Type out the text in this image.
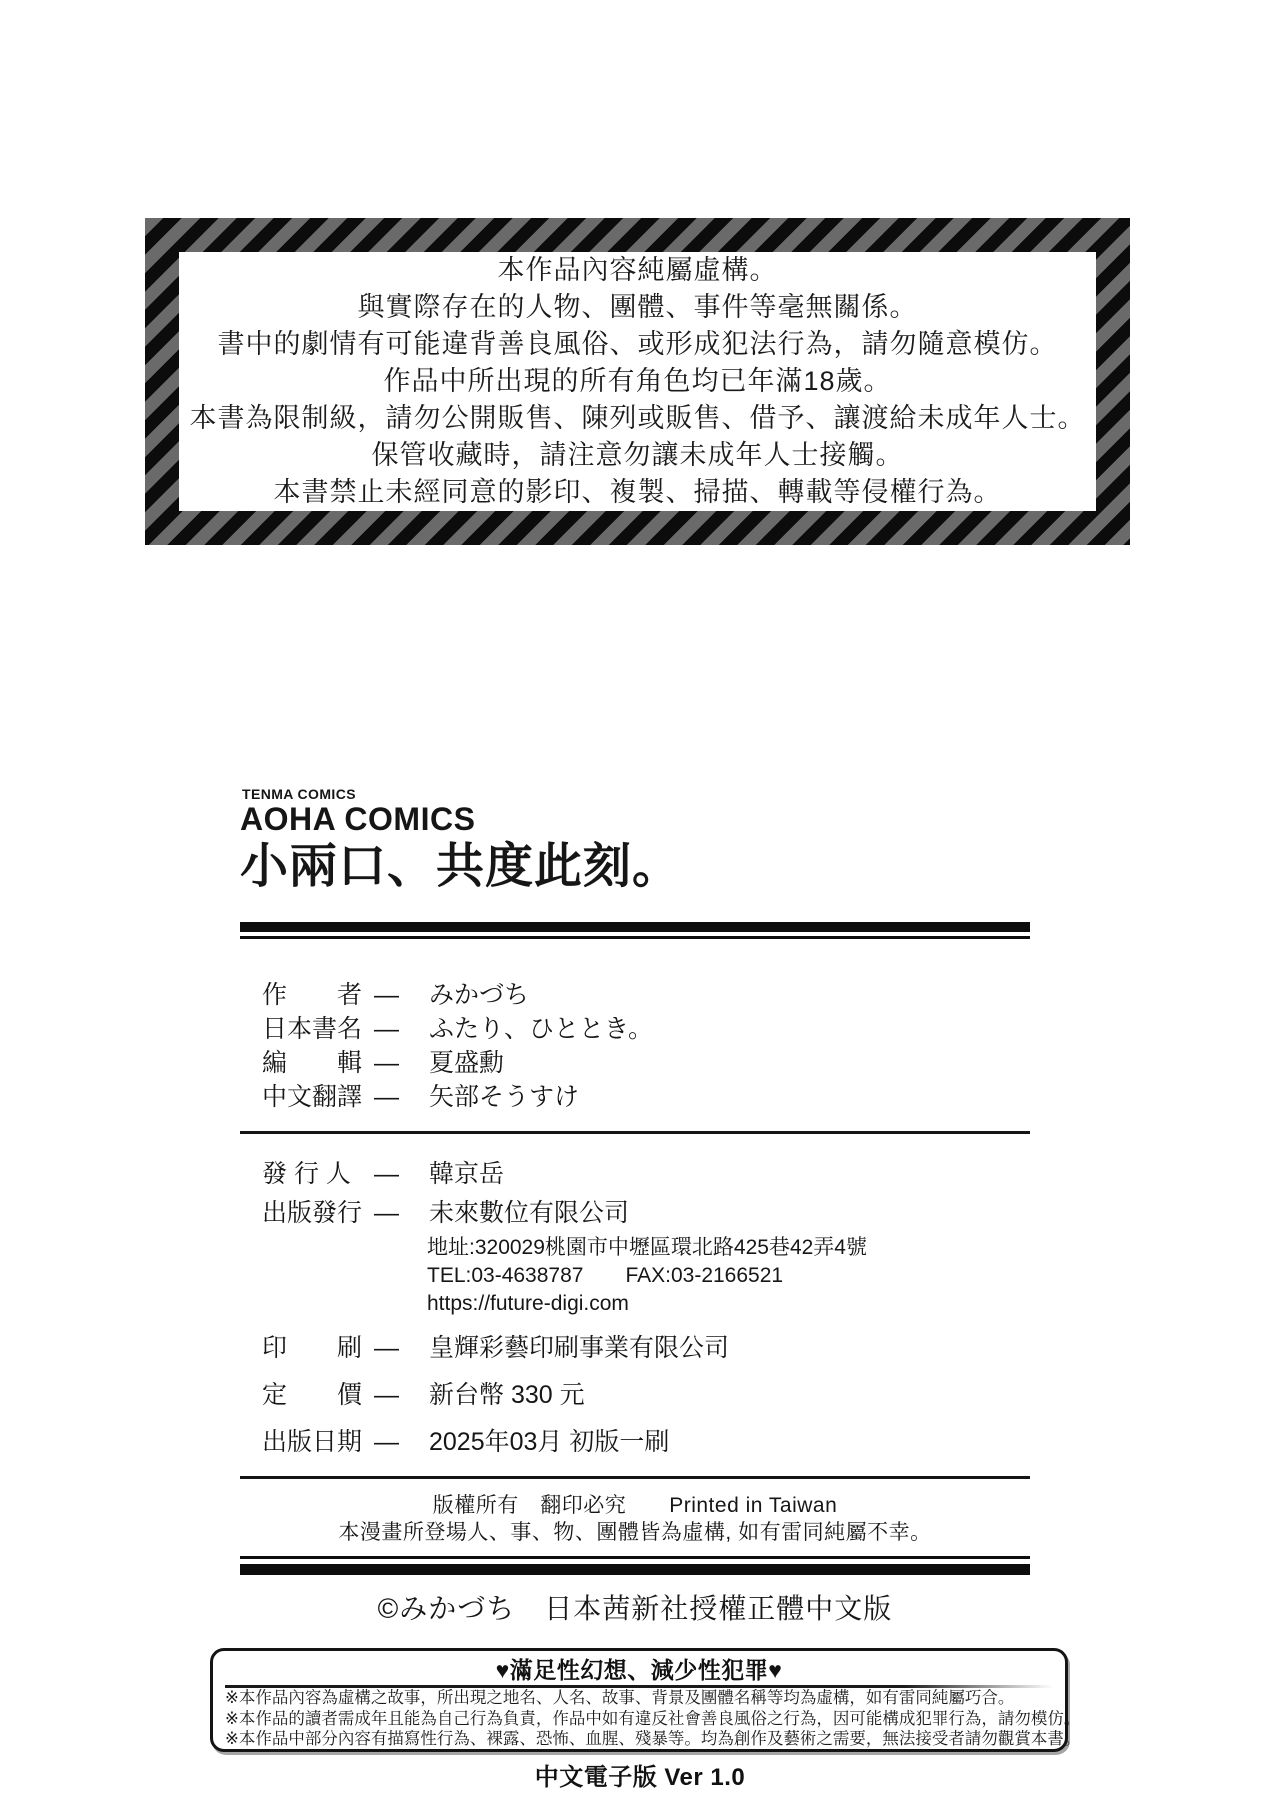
本作品內容純屬虛構。
與實際存在的人物、團體、事件等毫無關係。
書中的劇情有可能違背善良風俗、或形成犯法行為，請勿隨意模仿。
作品中所出現的所有角色均已年滿18歲。
本書為限制級，請勿公開販售、陳列或販售、借予、讓渡給未成年人士。
保管收藏時，請注意勿讓未成年人士接觸。
本書禁止未經同意的影印、複製、掃描、轉載等侵權行為。
TENMA COMICS
AOHA COMICS
小兩口、共度此刻。
作　　者 — みかづち
日本書名 — ふたり、ひととき。
編　　輯 — 夏盛勳
中文翻譯 — 矢部そうすけ
發 行 人 — 韓京岳
出版發行 — 未來數位有限公司
地址:320029桃園市中壢區環北路425巷42弄4號
TEL:03-4638787　　FAX:03-2166521
https://future-digi.com
印　　刷 — 皇輝彩藝印刷事業有限公司
定　　價 — 新台幣 330 元
出版日期 — 2025年03月 初版一刷
版權所有　翻印必究　　Printed in Taiwan
本漫畫所登場人、事、物、團體皆為虛構, 如有雷同純屬不幸。
©みかづち　日本茜新社授權正體中文版
♥滿足性幻想、減少性犯罪♥
※本作品內容為虛構之故事，所出現之地名、人名、故事、背景及團體名稱等均為虛構，如有雷同純屬巧合。
※本作品的讀者需成年且能為自己行為負責，作品中如有違反社會善良風俗之行為，因可能構成犯罪行為，請勿模仿。
※本作品中部分內容有描寫性行為、裸露、恐怖、血腥、殘暴等。均為創作及藝術之需要，無法接受者請勿觀賞本書。
中文電子版 Ver 1.0
